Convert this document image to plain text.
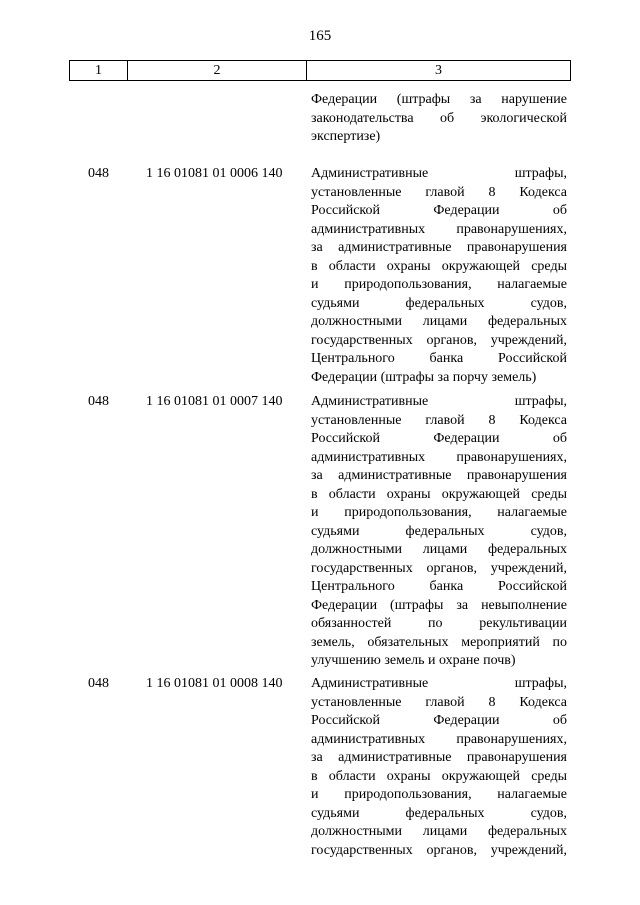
165
1	2	3
Федерации (штрафы за нарушение
законодательства об экологической
экспертизе)
048	1 16 01081 01 0006 140 Административные штрафы,
установленные главой 8 Кодекса
Российской Федерации об
административных правонарушениях,
за административные правонарушения
в области охраны окружающей среды
и природопользования, налагаемые
судьями федеральных судов,
должностными лицами федеральных
государственных органов, учреждений,
Центрального банка Российской
Федерации (штрафы за порчу земель)
048	1 16 01081 01 0007 140 Административные штрафы,
установленные главой 8 Кодекса
Российской Федерации об
административных правонарушениях,
за административные правонарушения
в области охраны окружающей среды
и природопользования, налагаемые
судьями федеральных судов,
должностными лицами федеральных
государственных органов, учреждений,
Центрального банка Российской
Федерации (штрафы за невыполнение
обязанностей по рекультивации
земель, обязательных мероприятий по
улучшению земель и охране почв)
048	1 16 01081 01 0008 140 Административные штрафы,
установленные главой 8 Кодекса
Российской Федерации об
административных правонарушениях,
за административные правонарушения
в области охраны окружающей среды
и природопользования, налагаемые
судьями федеральных судов,
должностными лицами федеральных
государственных органов, учреждений,
